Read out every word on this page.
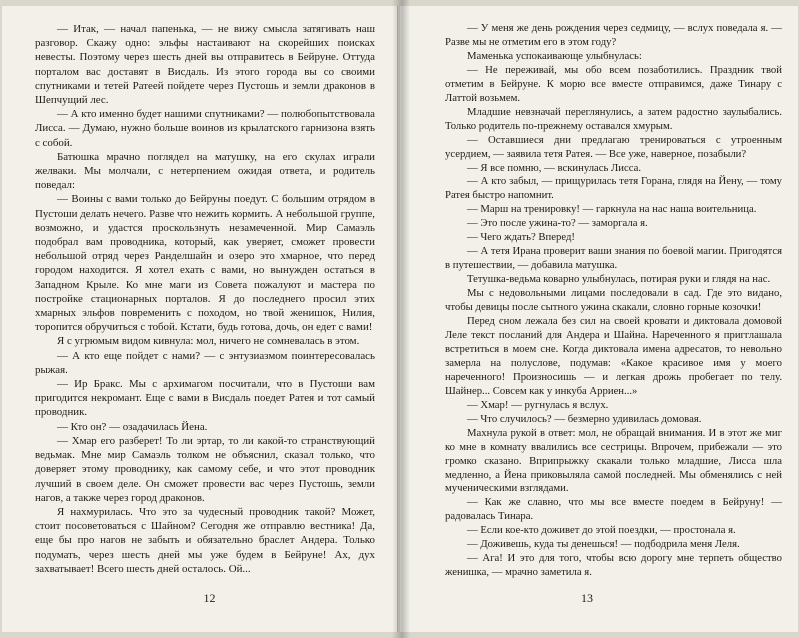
— Итак, — начал папенька, — не вижу смысла затягивать наш разговор. Скажу одно: эльфы настаивают на скорейших поисках невесты. Поэтому через шесть дней вы отправитесь в Бейруне. Оттуда порталом вас доставят в Висдаль. Из этого города вы со своими спутниками и тетей Ратеей пойдете через Пустошь и земли драконов в Шепчущий лес.

— А кто именно будет нашими спутниками? — полюбопытствовала Лисса. — Думаю, нужно больше воинов из крылатского гарнизона взять с собой.

Батюшка мрачно поглядел на матушку, на его скулах играли желваки. Мы молчали, с нетерпением ожидая ответа, и родитель поведал:

— Воины с вами только до Бейруны поедут. С большим отрядом в Пустоши делать нечего. Разве что нежить кормить. А небольшой группе, возможно, и удастся проскользнуть незамеченной. Мир Самаэль подобрал вам проводника, который, как уверяет, сможет провести небольшой отряд через Ранделшайн и озеро это хмарное, что перед городом находится. Я хотел ехать с вами, но вынужден остаться в Западном Крыле. Ко мне маги из Совета пожалуют и мастера по постройке стационарных порталов. Я до последнего просил этих хмарных эльфов повременить с походом, но твой женишок, Нилия, торопится обручиться с тобой. Кстати, будь готова, дочь, он едет с вами!

Я с угрюмым видом кивнула: мол, ничего не сомневалась в этом.

— А кто еще пойдет с нами? — с энтузиазмом поинтересовалась рыжая.

— Ир Бракс. Мы с архимагом посчитали, что в Пустоши вам пригодится некромант. Еще с вами в Висдаль поедет Ратея и тот самый проводник.

— Кто он? — озадачилась Йена.

— Хмар его разберет! То ли эртар, то ли какой-то странствующий ведьмак. Мне мир Самаэль толком не объяснил, сказал только, что доверяет этому проводнику, как самому себе, и что этот проводник лучший в своем деле. Он сможет провести вас через Пустошь, земли нагов, а также через город драконов.

Я нахмурилась. Что это за чудесный проводник такой? Может, стоит посоветоваться с Шайном? Сегодня же отправлю вестника! Да, еще бы про нагов не забыть и обязательно браслет Андера. Только подумать, через шесть дней мы уже будем в Бейруне! Ах, дух захватывает! Всего шесть дней осталось. Ой...

12

— У меня же день рождения через седмицу, — вслух поведала я. — Разве мы не отметим его в этом году?

Маменька успокаивающе улыбнулась:

— Не переживай, мы обо всем позаботились. Праздник твой отметим в Бейруне. К морю все вместе отправимся, даже Тинару с Латтой возьмем.

Младшие невзначай переглянулись, а затем радостно заулыбались. Только родитель по-прежнему оставался хмурым.

— Оставшиеся дни предлагаю тренироваться с утроенным усердием, — заявила тетя Ратея. — Все уже, наверное, позабыли?

— Я все помню, — вскинулась Лисса.

— А кто забыл, — прищурилась тетя Горана, глядя на Йену, — тому Ратея быстро напомнит.

— Марш на тренировку! — гаркнула на нас наша воительница.

— Это после ужина-то? — заморгала я.

— Чего ждать? Вперед!

— А тетя Ирана проверит ваши знания по боевой магии. Пригодятся в путешествии, — добавила матушка.

Тетушка-ведьма коварно улыбнулась, потирая руки и глядя на нас.

Мы с недовольными лицами последовали в сад. Где это видано, чтобы девицы после сытного ужина скакали, словно горные козочки!

Перед сном лежала без сил на своей кровати и диктовала домовой Леле текст посланий для Андера и Шайна. Нареченного я пригглашала встретиться в моем сне. Когда диктовала имена адресатов, то невольно замерла на полуслове, подумав: «Какое красивое имя у моего нареченного! Произносишь — и легкая дрожь пробегает по телу. Шайнер... Совсем как у инкуба Арриен...»

— Хмар! — ругнулась я вслух.

— Что случилось? — безмерно удивилась домовая.

Махнула рукой в ответ: мол, не обращай внимания. И в этот же миг ко мне в комнату ввалились все сестрицы. Впрочем, прибежали — это громко сказано. Вприпрыжку скакали только младшие, Лисса шла медленно, а Йена приковыляла самой последней. Мы обменялись с ней мученическими взглядами.

— Как же славно, что мы все вместе поедем в Бейруну! — радовалась Тинара.

— Если кое-кто доживет до этой поездки, — простонала я.

— Доживешь, куда ты денешься! — подбодрила меня Леля.

— Ага! И это для того, чтобы всю дорогу мне терпеть общество женишка, — мрачно заметила я.

13
